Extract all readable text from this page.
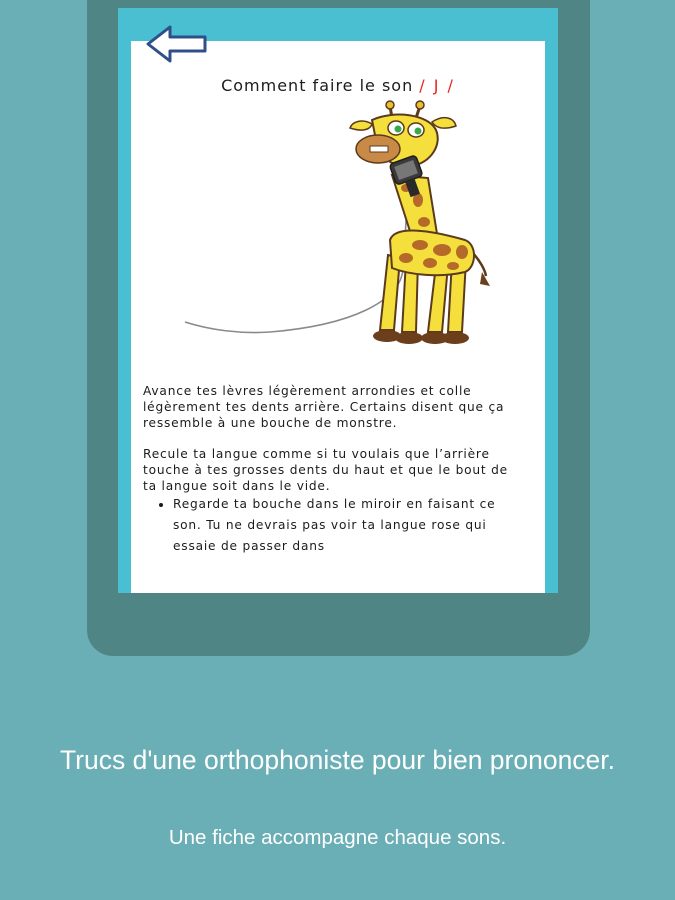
Comment faire le son / J /

Avance tes lèvres légèrement arrondies et colle légèrement tes dents arrière. Certains disent que ça ressemble à une bouche de monstre.

Recule ta langue comme si tu voulais que l’arrière touche à tes grosses dents du haut et que le bout de ta langue soit dans le vide.

• Regarde ta bouche dans le miroir en faisant ce son. Tu ne devrais pas voir ta langue rose qui essaie de passer dans
Trucs d'une orthophoniste pour bien prononcer.
Une fiche accompagne chaque sons.
